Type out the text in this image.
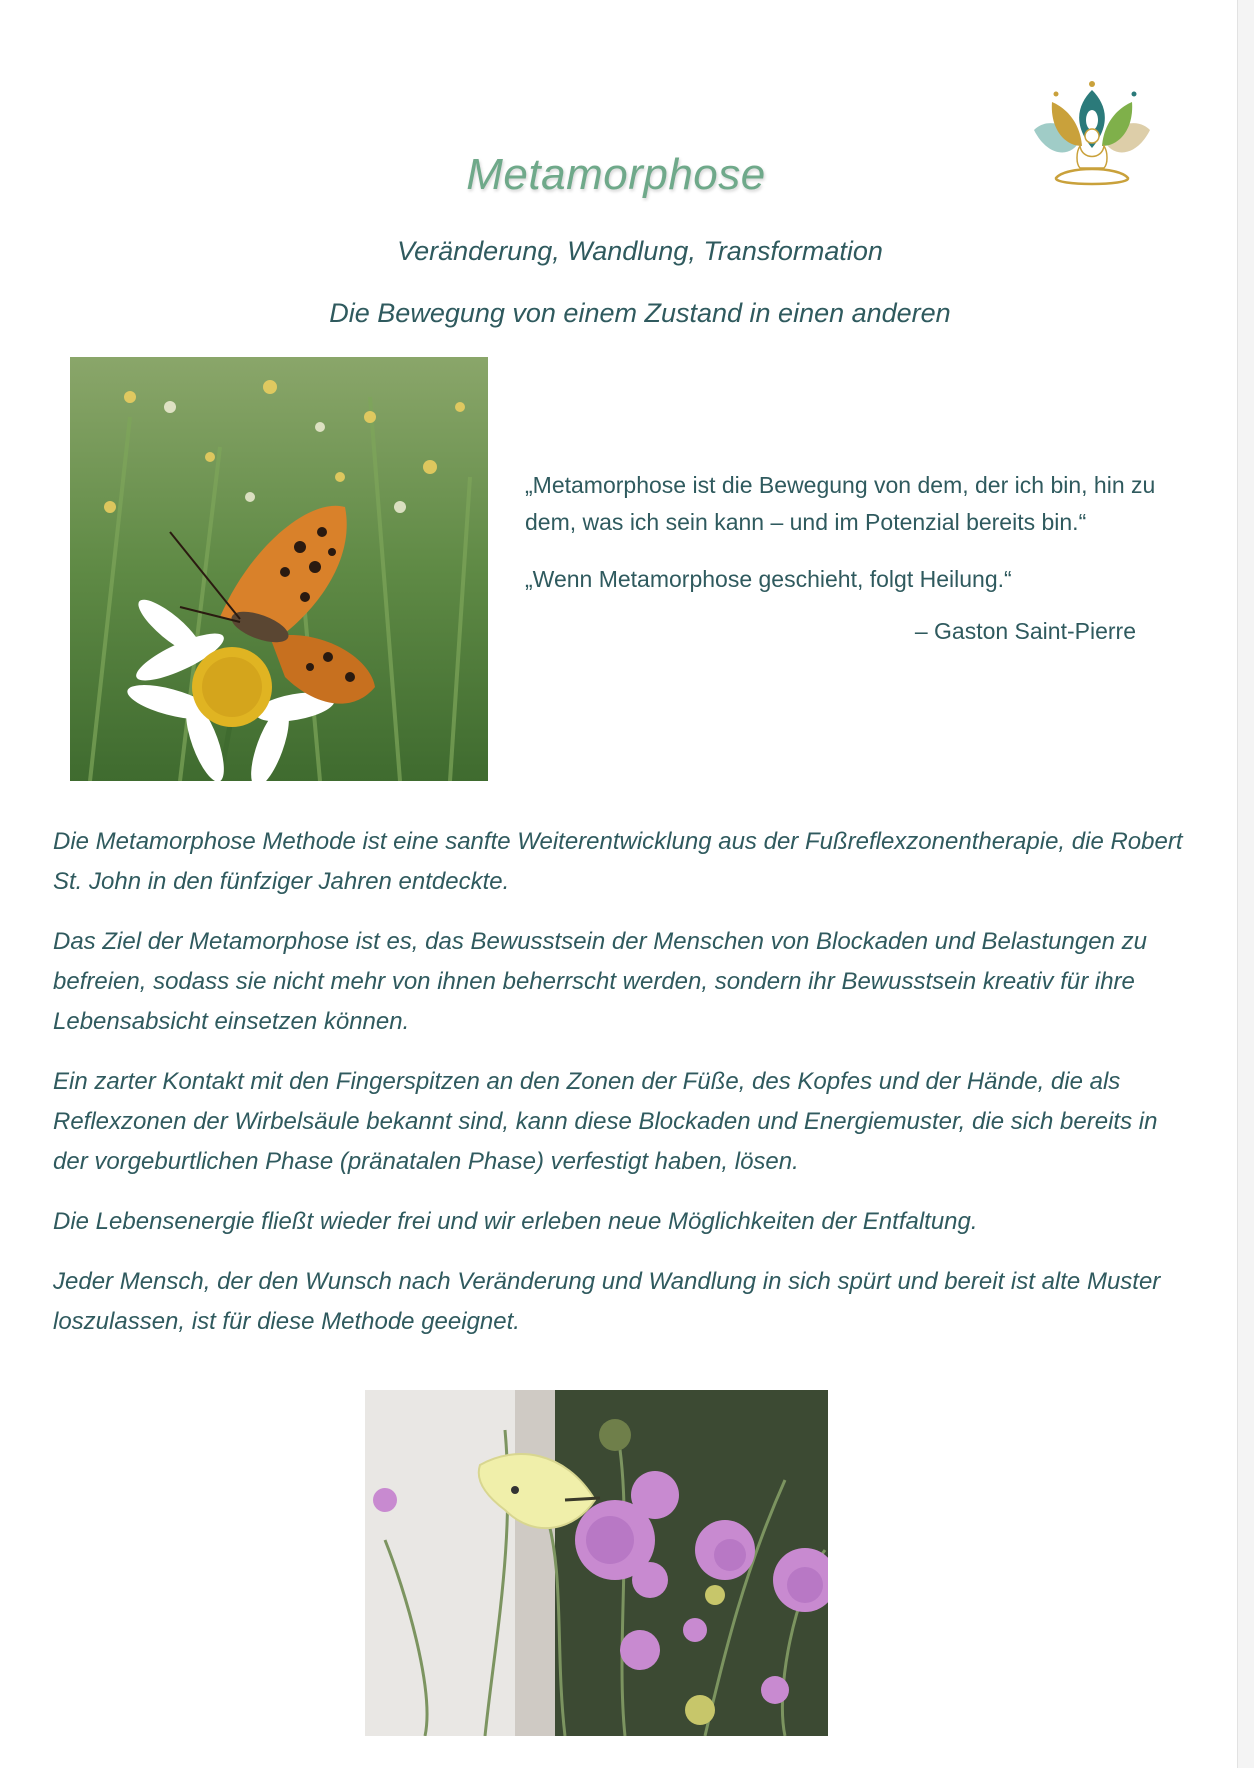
Metamorphose
Veränderung, Wandlung, Transformation
Die Bewegung von einem Zustand in einen anderen
„Metamorphose ist die Bewegung von dem, der ich bin, hin zu dem, was ich sein kann – und im Potenzial bereits bin.“
„Wenn Metamorphose geschieht, folgt Heilung.“
– Gaston Saint-Pierre

Die Metamorphose Methode ist eine sanfte Weiterentwicklung aus der Fußreflexzonentherapie, die Robert St. John in den fünfziger Jahren entdeckte.

Das Ziel der Metamorphose ist es, das Bewusstsein der Menschen von Blockaden und Belastungen zu befreien, sodass sie nicht mehr von ihnen beherrscht werden, sondern ihr Bewusstsein kreativ für ihre Lebensabsicht einsetzen können.

Ein zarter Kontakt mit den Fingerspitzen an den Zonen der Füße, des Kopfes und der Hände, die als Reflexzonen der Wirbelsäule bekannt sind, kann diese Blockaden und Energiemuster, die sich bereits in der vorgeburtlichen Phase (pränatalen Phase) verfestigt haben, lösen.

Die Lebensenergie fließt wieder frei und wir erleben neue Möglichkeiten der Entfaltung.

Jeder Mensch, der den Wunsch nach Veränderung und Wandlung in sich spürt und bereit ist alte Muster loszulassen, ist für diese Methode geeignet.
